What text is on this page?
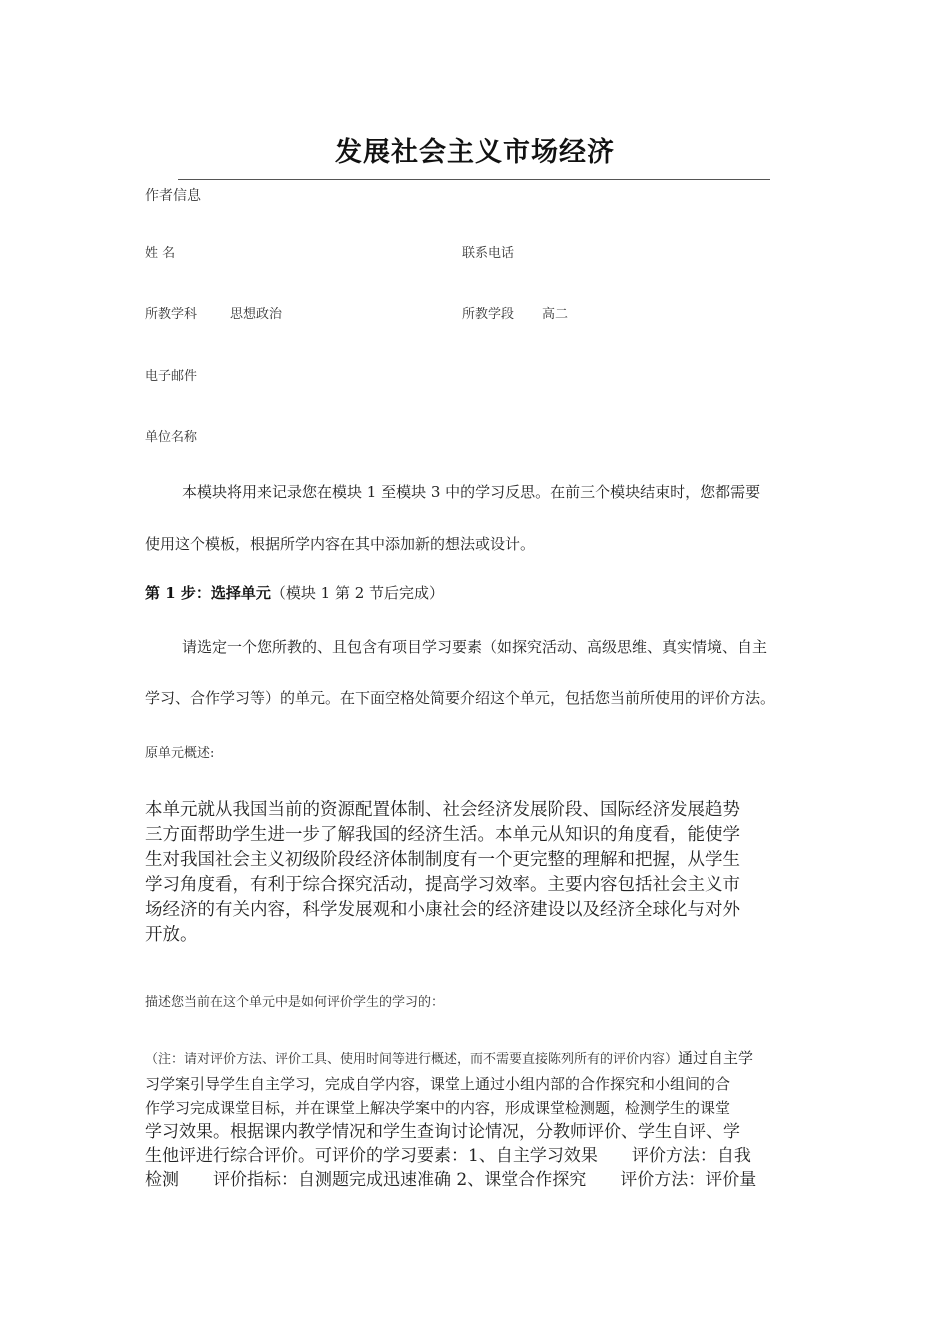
发展社会主义市场经济
作者信息
姓 名	联系电话
所教学科	思想政治	所教学段 高二
电子邮件
单位名称
本模块将用来记录您在模块 1 至模块 3 中的学习反思。在前三个模块结束时，您都需要
使用这个模板，根据所学内容在其中添加新的想法或设计。
第 1 步：选择单元（模块 1 第 2 节后完成）
请选定一个您所教的、且包含有项目学习要素（如探究活动、高级思维、真实情境、自主
学习、合作学习等）的单元。在下面空格处简要介绍这个单元，包括您当前所使用的评价方法。
原单元概述:
本单元就从我国当前的资源配置体制、社会经济发展阶段、国际经济发展趋势
三方面帮助学生进一步了解我国的经济生活。本单元从知识的角度看，能使学
生对我国社会主义初级阶段经济体制制度有一个更完整的理解和把握，从学生
学习角度看，有利于综合探究活动，提高学习效率。主要内容包括社会主义市
场经济的有关内容，科学发展观和小康社会的经济建设以及经济全球化与对外
开放。
描述您当前在这个单元中是如何评价学生的学习的：
（注：请对评价方法、评价工具、使用时间等进行概述，而不需要直接陈列所有的评价内容）通过自主学
习学案引导学生自主学习，完成自学内容，课堂上通过小组内部的合作探究和小组间的合
作学习完成课堂目标，并在课堂上解决学案中的内容，形成课堂检测题，检测学生的课堂
学习效果。根据课内教学情况和学生查询讨论情况，分教师评价、学生自评、学
生他评进行综合评价。可评价的学习要素：1、自主学习效果　　评价方法：自我
检测　　评价指标：自测题完成迅速准确 2、课堂合作探究　　评价方法：评价量
